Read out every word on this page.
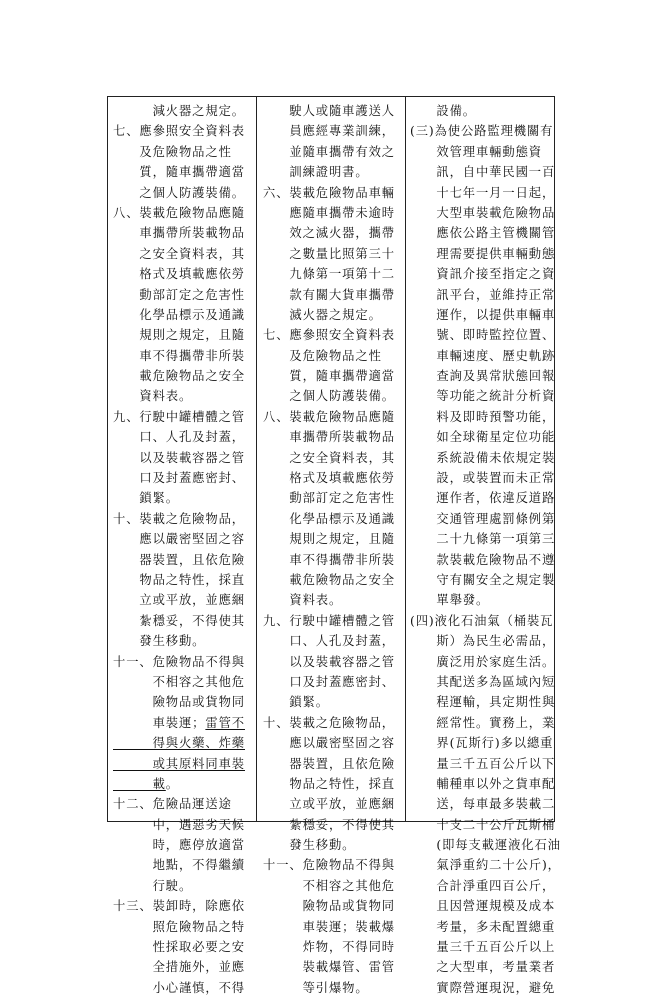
　　　減火器之規定。
七、應參照安全資料表
　　及危險物品之性
　　質，隨車攜帶適當
　　之個人防護裝備。
八、裝載危險物品應隨
　　車攜帶所裝載物品
　　之安全資料表，其
　　格式及填載應依勞
　　動部訂定之危害性
　　化學品標示及通識
　　規則之規定，且隨
　　車不得攜帶非所裝
　　載危險物品之安全
　　資料表。
九、行駛中罐槽體之管
　　口、人孔及封蓋，
　　以及裝載容器之管
　　口及封蓋應密封、
　　鎖緊。
十、裝載之危險物品，
　　應以嚴密堅固之容
　　器裝置，且依危險
　　物品之特性，採直
　　立或平放，並應綑
　　紮穩妥，不得使其
　　發生移動。
十一、危險物品不得與
　　　不相容之其他危
　　　險物品或貨物同
　　　車裝運；雷管不
　　　得與火藥、炸藥
　　　或其原料同車裝
　　　載。
十二、危險品運送途
　　　中，遇惡劣天候
　　　時，應停放適當
　　　地點，不得繼續
　　　行駛。
十三、裝卸時，除應依
　　　照危險物品之特
　　　性採取必要之安
　　　全措施外，並應
　　　小心謹慎，不得
　　駛人或隨車護送人
　　員應經專業訓練，
　　並隨車攜帶有效之
　　訓練證明書。
六、裝載危險物品車輛
　　應隨車攜帶未逾時
　　效之滅火器，攜帶
　　之數量比照第三十
　　九條第一項第十二
　　款有關大貨車攜帶
　　滅火器之規定。
七、應參照安全資料表
　　及危險物品之性
　　質，隨車攜帶適當
　　之個人防護裝備。
八、裝載危險物品應隨
　　車攜帶所裝載物品
　　之安全資料表，其
　　格式及填載應依勞
　　動部訂定之危害性
　　化學品標示及通識
　　規則之規定，且隨
　　車不得攜帶非所裝
　　載危險物品之安全
　　資料表。
九、行駛中罐槽體之管
　　口、人孔及封蓋，
　　以及裝載容器之管
　　口及封蓋應密封、
　　鎖緊。
十、裝載之危險物品，
　　應以嚴密堅固之容
　　器裝置，且依危險
　　物品之特性，採直
　　立或平放，並應綑
　　紮穩妥，不得使其
　　發生移動。
十一、危險物品不得與
　　　不相容之其他危
　　　險物品或貨物同
　　　車裝運；裝載爆
　　　炸物，不得同時
　　　裝載爆管、雷管
　　　等引爆物。
　　設備。
(三)為使公路監理機關有
　　效管理車輛動態資
　　訊，自中華民國一百
　　十七年一月一日起，
　　大型車裝載危險物品
　　應依公路主管機關管
　　理需要提供車輛動態
　　資訊介接至指定之資
　　訊平台，並維持正常
　　運作，以提供車輛車
　　號、即時監控位置、
　　車輛速度、歷史軌跡
　　查詢及異常狀態回報
　　等功能之統計分析資
　　料及即時預警功能，
　　如全球衛星定位功能
　　系統設備未依規定裝
　　設，或裝置而未正常
　　運作者，依違反道路
　　交通管理處罰條例第
　　二十九條第一項第三
　　款裝載危險物品不遵
　　守有關安全之規定製
　　單舉發。
(四)液化石油氣（桶裝瓦
　　斯）為民生必需品，
　　廣泛用於家庭生活。
　　其配送多為區域內短
　　程運輸，具定期性與
　　經常性。實務上，業
　　界(瓦斯行)多以總重
　　量三千五百公斤以下
　　輔種車以外之貨車配
　　送，每車最多裝載二
　　十支二十公斤瓦斯桶
　　(即每支載運液化石油
　　氣淨重約二十公斤)，
　　合計淨重四百公斤，
　　且因營運規模及成本
　　考量，多未配置總重
　　量三千五百公斤以上
　　之大型車，考量業者
　　實際營運現況，避免
